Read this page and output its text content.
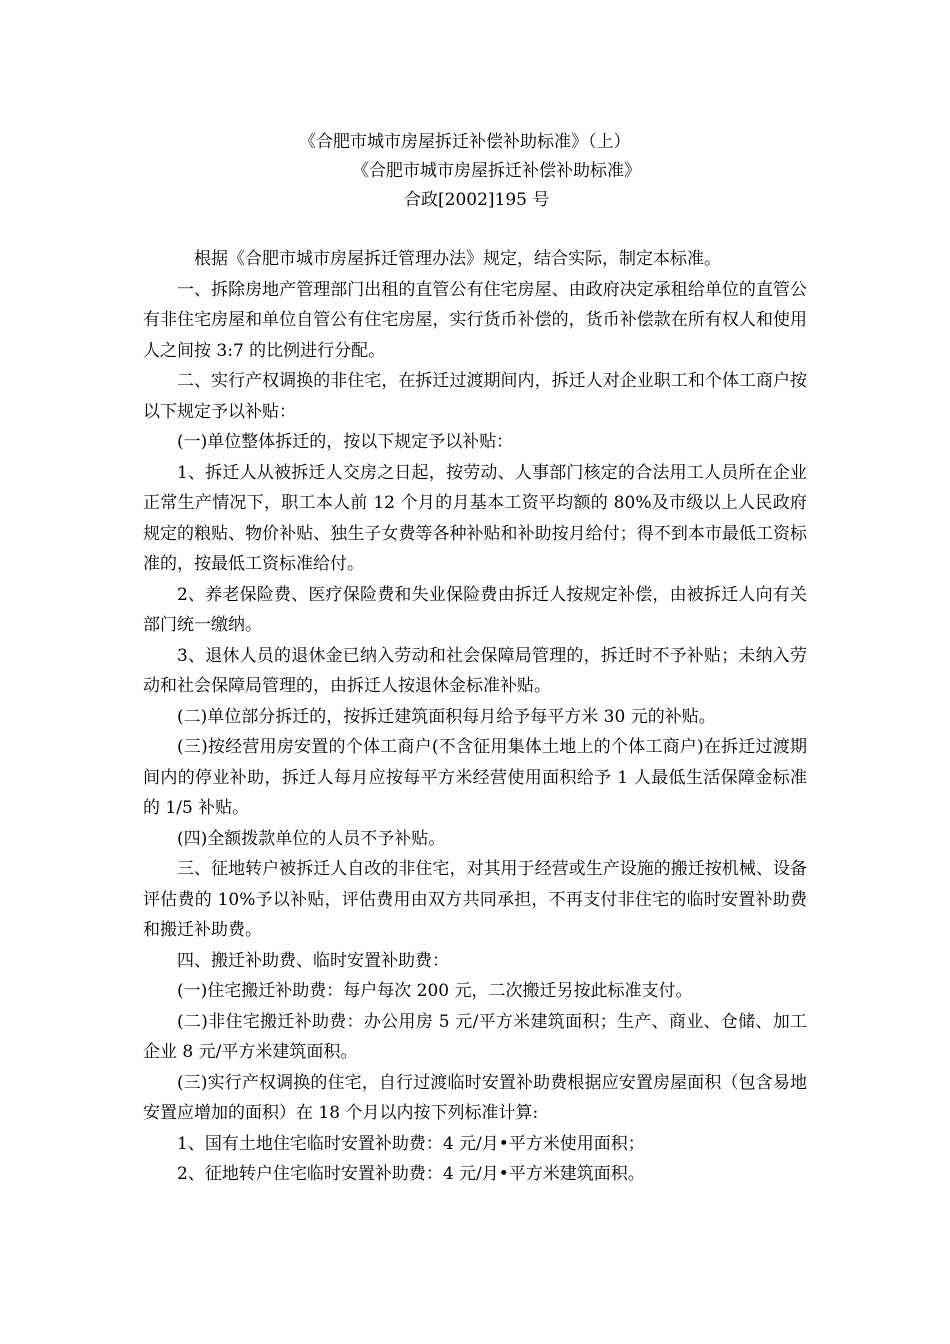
《合肥市城市房屋拆迁补偿补助标准》（上）
《合肥市城市房屋拆迁补偿补助标准》
合政[2002]195 号

根据《合肥市城市房屋拆迁管理办法》规定，结合实际，制定本标准。

一、拆除房地产管理部门出租的直管公有住宅房屋、由政府决定承租给单位的直管公有非住宅房屋和单位自管公有住宅房屋，实行货币补偿的，货币补偿款在所有权人和使用人之间按 3:7 的比例进行分配。

二、实行产权调换的非住宅，在拆迁过渡期间内，拆迁人对企业职工和个体工商户按以下规定予以补贴：

(一)单位整体拆迁的，按以下规定予以补贴：

1、拆迁人从被拆迁人交房之日起，按劳动、人事部门核定的合法用工人员所在企业正常生产情况下，职工本人前 12 个月的月基本工资平均额的 80%及市级以上人民政府规定的粮贴、物价补贴、独生子女费等各种补贴和补助按月给付；得不到本市最低工资标准的，按最低工资标准给付。

2、养老保险费、医疗保险费和失业保险费由拆迁人按规定补偿，由被拆迁人向有关部门统一缴纳。

3、退休人员的退休金已纳入劳动和社会保障局管理的，拆迁时不予补贴；未纳入劳动和社会保障局管理的，由拆迁人按退休金标准补贴。

(二)单位部分拆迁的，按拆迁建筑面积每月给予每平方米 30 元的补贴。

(三)按经营用房安置的个体工商户(不含征用集体土地上的个体工商户)在拆迁过渡期间内的停业补助，拆迁人每月应按每平方米经营使用面积给予 1 人最低生活保障金标准的 1/5 补贴。

(四)全额拨款单位的人员不予补贴。

三、征地转户被拆迁人自改的非住宅，对其用于经营或生产设施的搬迁按机械、设备评估费的 10%予以补贴，评估费用由双方共同承担，不再支付非住宅的临时安置补助费和搬迁补助费。

四、搬迁补助费、临时安置补助费：

(一)住宅搬迁补助费：每户每次 200 元，二次搬迁另按此标准支付。

(二)非住宅搬迁补助费：办公用房 5 元/平方米建筑面积；生产、商业、仓储、加工企业 8 元/平方米建筑面积。

(三)实行产权调换的住宅，自行过渡临时安置补助费根据应安置房屋面积（包含易地安置应增加的面积）在 18 个月以内按下列标准计算:

1、国有土地住宅临时安置补助费：4 元/月•平方米使用面积；

2、征地转户住宅临时安置补助费：4 元/月•平方米建筑面积。
